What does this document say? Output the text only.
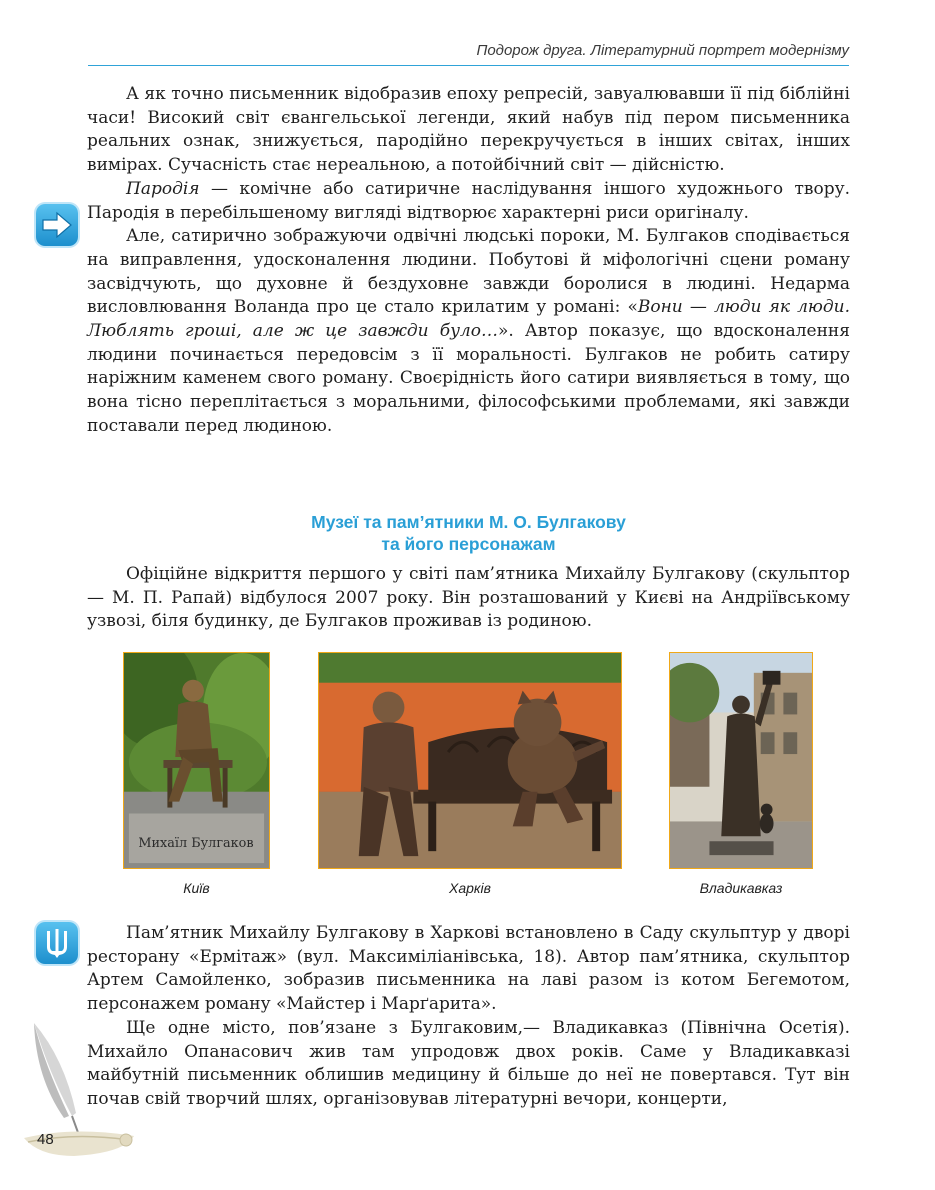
Подорож друга. Літературний портрет модернізму

А як точно письменник відобразив епоху репресій, завуалювавши її під біблійні часи! Високий світ євангельської легенди, який набув під пером письменника реальних ознак, знижується, пародійно перекручується в інших світах, інших вимірах. Сучасність стає нереальною, а потойбічний світ — дійсністю.

Пародія — комічне або сатиричне наслідування іншого художнього твору. Пародія в перебільшеному вигляді відтворює характерні риси оригіналу.

Але, сатирично зображуючи одвічні людські пороки, М. Булгаков сподівається на виправлення, удосконалення людини. Побутові й міфологічні сцени роману засвідчують, що духовне й бездуховне завжди боролися в людині. Недарма висловлювання Воланда про це стало крилатим у романі: «Вони — люди як люди. Люблять гроші, але ж це завжди було…». Автор показує, що вдосконалення людини починається передовсім з її моральності. Булгаков не робить сатиру наріжним каменем свого роману. Своєрідність його сатири виявляється в тому, що вона тісно переплітається з моральними, філософськими проблемами, які завжди поставали перед людиною.

Музеї та пам’ятники М. О. Булгакову
та його персонажам

Офіційне відкриття першого у світі пам’ятника Михайлу Булгакову (скульптор — М. П. Рапай) відбулося 2007 року. Він розташований у Києві на Андріївському узвозі, біля будинку, де Булгаков проживав із родиною.

Михаїл Булгаков
Київ	Харків	Владикавказ

Пам’ятник Михайлу Булгакову в Харкові встановлено в Саду скульптур у дворі ресторану «Ермітаж» (вул. Максиміліанівська, 18). Автор пам’ятника, скульптор Артем Самойленко, зобразив письменника на лаві разом із котом Бегемотом, персонажем роману «Майстер і Марґарита».

Ще одне місто, пов’язане з Булгаковим,— Владикавказ (Північна Осетія). Михайло Опанасович жив там упродовж двох років. Саме у Владикавказі майбутній письменник облишив медицину й більше до неї не повертався. Тут він почав свій творчий шлях, організовував літературні вечори, концерти,

48
